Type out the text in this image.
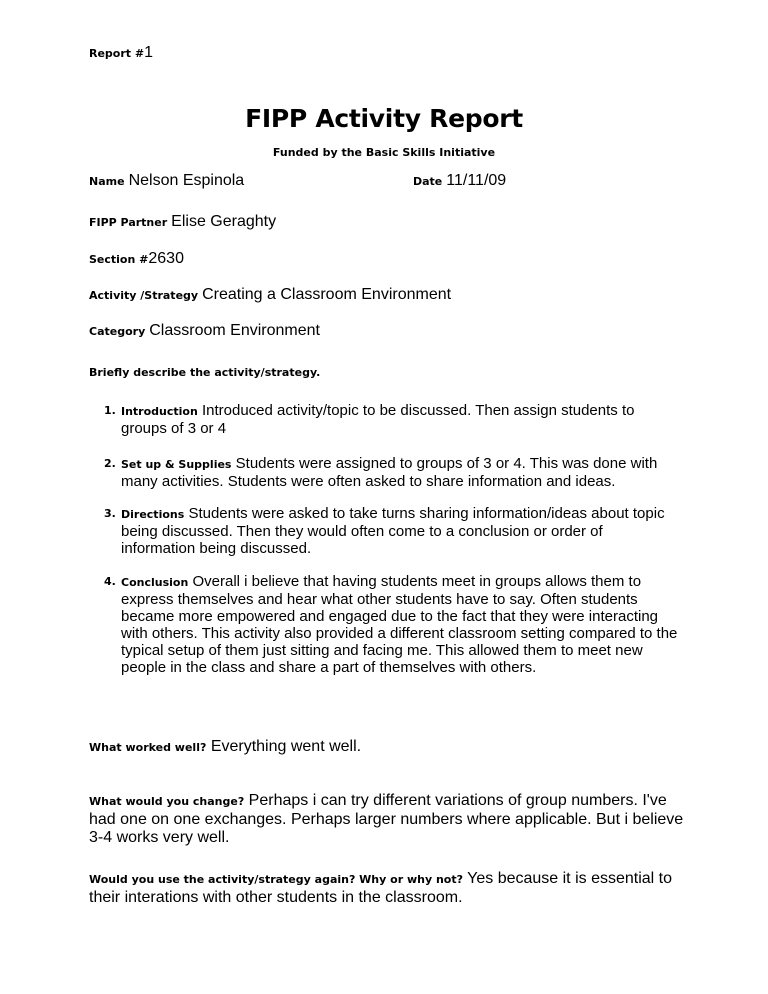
Report #1
FIPP Activity Report
Funded by the Basic Skills Initiative
Name Nelson Espinola	Date 11/11/09
FIPP Partner Elise Geraghty
Section #2630
Activity /Strategy Creating a Classroom Environment
Category Classroom Environment
Briefly describe the activity/strategy.
1. Introduction Introduced activity/topic to be discussed. Then assign students to groups of 3 or 4
2. Set up & Supplies Students were assigned to groups of 3 or 4. This was done with many activities. Students were often asked to share information and ideas.
3. Directions Students were asked to take turns sharing information/ideas about topic being discussed. Then they would often come to a conclusion or order of information being discussed.
4. Conclusion Overall i believe that having students meet in groups allows them to express themselves and hear what other students have to say. Often students became more empowered and engaged due to the fact that they were interacting with others. This activity also provided a different classroom setting compared to the typical setup of them just sitting and facing me. This allowed them to meet new people in the class and share a part of themselves with others.
What worked well? Everything went well.
What would you change? Perhaps i can try different variations of group numbers. I've had one on one exchanges. Perhaps larger numbers where applicable. But i believe 3-4 works very well.
Would you use the activity/strategy again? Why or why not? Yes because it is essential to their interations with other students in the classroom.
